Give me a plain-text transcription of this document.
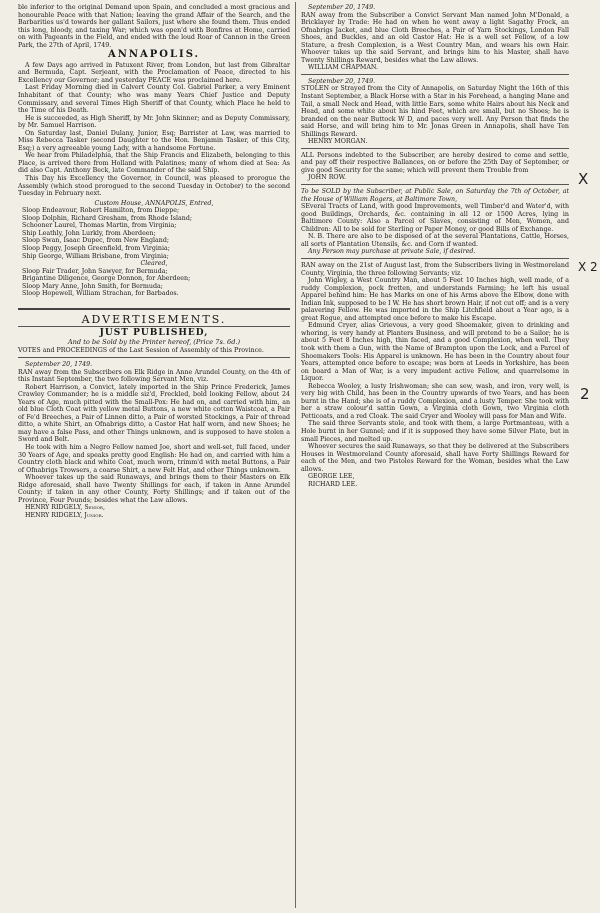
ble inferior to the original Demand upon Spain, and concluded a most gracious and honourable Peace with that Nation; leaving the grand Affair of the Search, and the Barbarities us'd towards her gallant Sailors, just where she found them. Thus ended this long, bloody, and taxing War; which was open'd with Bonfires at Home, carried on with Pageants in the Field, and ended with the loud Roar of Cannon in the Green Park, the 27th of April, 1749.

ANNAPOLIS.

A few Days ago arrived in Patuxent River, from London, but last from Gibraltar and Bermuda, Capt. Serjeant, with the Proclamation of Peace, directed to his Excellency our Governor; and yesterday PEACE was proclaimed here.

Last Friday Morning died in Calvert County Col. Gabriel Parker, a very Eminent Inhabitant of that County; who was many Years Chief Justice and Deputy Commissary, and several Times High Sheriff of that County, which Place he held to the Time of his Death.

He is succeeded, as High Sheriff, by Mr. John Skinner; and as Deputy Commissary, by Mr. Samuel Harrison.

On Saturday last, Daniel Dulany, Junior, Esq; Barrister at Law, was married to Miss Rebecca Tasker (second Daughter to the Hon. Benjamin Tasker, of this City, Esq;) a very agreeable young Lady, with a handsome Fortune.

We hear from Philadelphia, that the Ship Francis and Elizabeth, belonging to this Place, is arrived there from Holland with Palatines; many of whom died at Sea: As did also Capt. Anthony Beck, late Commander of the said Ship.

This Day his Excellency the Governor, in Council, was pleased to prorogue the Assembly (which stood prorogued to the second Tuesday in October) to the second Tuesday in February next.

Custom House, ANNAPOLIS, Entred,

Sloop Endeavour, Robert Hamilton, from Dieppe;
Sloop Dolphin, Richard Gresham, from Rhode Island;
Schooner Laurel, Thomas Martin, from Virginia;
Ship Leathly, John Lurkly, from Aberdeen;
Sloop Swan, Isaac Dupec, from New England;
Sloop Peggy, Joseph Greenfield, from Virginia;
Ship George, William Brisbane, from Virginia;

Cleared,

Sloop Fair Trader, John Sawyer, for Bermuda;
Brigantine Diligence, George Donnon, for Aberdeen;
Sloop Mary Anne, John Smith, for Bermuda;
Sloop Hopewell, William Strachan, for Barbados.
ADVERTISEMENTS.
JUST PUBLISHED,
And to be Sold by the Printer hereof, (Price 7s. 6d.)

VOTES and PROCEEDINGS of the Last Session of Assembly of this Province.

September 20, 1749.

RAN away from the Subscribers on Elk Ridge in Anne Arundel County, on the 4th of this Instant September, the two following Servant Men, viz.

Robert Harrison, a Convict, lately imported in the Ship Prince Frederick, James Crawley Commander; he is a middle siz'd, Freckled, bold looking Fellow, about 24 Years of Age, much pitted with the Small-Pox: He had on, and carried with him, an old blue Cloth Coat with yellow metal Buttons, a new white cotton Waistcoat, a Pair of Fe'd Breeches, a Pair of Linnen ditto, a Pair of worsted Stockings, a Pair of thread ditto, a white Shirt, an Ofnabrigs ditto, a Castor Hat half worn, and new Shoes; he may have a false Pass, and other Things unknown, and is supposed to have stolen a Sword and Belt.

He took with him a Negro Fellow named Joe, short and well-set, full faced, under 30 Years of Age, and speaks pretty good English: He had on, and carried with him a Country cloth black and white Coat, much worn, trimm'd with metal Buttons, a Pair of Ofnabrigs Trowsers, a coarse Shirt, a new Felt Hat, and other Things unknown.

Whoever takes up the said Runaways, and brings them to their Masters on Elk Ridge aforesaid, shall have Twenty Shillings for each, if taken in Anne Arundel County; if taken in any other County, Forty Shillings; and if taken out of the Province, Four Pounds; besides what the Law allows.

HENRY RIDGELY, Senior,

HENRY RIDGELY, Junior.

September 20, 1749.

RAN away from the Subscriber a Convict Servant Man named John M'Donald, a Bricklayer by Trade: He had on when he went away a light Sagathy Frock, an Ofnabrigs Jacket, and blue Cloth Breeches, a Pair of Yarn Stockings, London Fall Shoes, and Buckles, and an old Castor Hat: He is a well set Fellow, of a low Stature, a fresh Complexion, is a West Country Man, and wears his own Hair. Whoever takes up the said Servant, and brings him to his Master, shall have Twenty Shillings Reward, besides what the Law allows.

WILLIAM CHAPMAN.

September 20, 1749.

STOLEN or Strayed from the City of Annapolis, on Saturday Night the 16th of this Instant September, a Black Horse with a Star in his Forehead, a hanging Mane and Tail, a small Neck and Head, with little Ears, some white Hairs about his Neck and Head, and some white about his hind Feet, which are small, but no Shoes; he is branded on the near Buttock W D, and paces very well. Any Person that finds the said Horse, and will bring him to Mr. Jonas Green in Annapolis, shall have Ten Shillings Reward.

HENRY MORGAN.

ALL Persons indebted to the Subscriber, are hereby desired to come and settle, and pay off their respective Ballances, on or before the 25th Day of September, or give good Security for the same; which will prevent them Trouble from

JOHN ROW.

To be SOLD by the Subscriber, at Public Sale, on Saturday the 7th of October, at the House of William Rogers, at Baltimore Town,

SEveral Tracts of Land, with good Improvements, well Timber'd and Water'd, with good Buildings, Orchards, &c. containing in all 12 or 1500 Acres, lying in Baltimore County: Also a Parcel of Slaves, consisting of Men, Women, and Children: All to be sold for Sterling or Paper Money, or good Bills of Exchange.

N. B. There are also to be disposed of at the several Plantations, Cattle, Horses, all sorts of Plantation Utensils, &c. and Corn if wanted.

Any Person may purchase at private Sale, if desired.

RAN away on the 21st of August last, from the Subscribers living in Westmoreland County, Virginia, the three following Servants; viz.

John Wigley, a West Country Man, about 5 Feet 10 Inches high, well made, of a ruddy Complexion, pock fretten, and understands Farming; he left his usual Apparel behind him: He has Marks on one of his Arms above the Elbow, done with Indian Ink, supposed to be I W. He has short brown Hair, if not cut off; and is a very palavering Fellow. He was imported in the Ship Litchfield about a Year ago, is a great Rogue, and attempted once before to make his Escape.

Edmund Cryer, alias Grievous, a very good Shoemaker, given to drinking and whoring, is very handy at Planters Business, and will pretend to be a Sailor; he is about 5 Feet 8 Inches high, thin faced, and a good Complexion, when well. They took with them a Gun, with the Name of Brampton upon the Lock, and a Parcel of Shoemakers Tools: His Apparel is unknown. He has been in the Country about four Years, attempted once before to escape; was born at Leeds in Yorkshire, has been on board a Man of War, is a very impudent active Fellow, and quarrelsome in Liquor.

Rebecca Wooley, a lusty Irishwoman; she can sew, wash, and iron, very well, is very big with Child, has been in the Country upwards of two Years, and has been burnt in the Hand; she is of a ruddy Complexion, and a lusty Temper. She took with her a straw colour'd sattin Gown, a Virginia cloth Gown, two Virginia cloth Petticoats, and a red Cloak. The said Cryer and Wooley will pass for Man and Wife.

The said three Servants stole, and took with them, a large Portmanteau, with a Hole burnt in her Gunnel; and if it is supposed they have some Silver Plate, but in small Pieces, and melted up.

Whoever secures the said Runaways, so that they be delivered at the Subscribers Houses in Westmoreland County aforesaid, shall have Forty Shillings Reward for each of the Men, and two Pistoles Reward for the Woman, besides what the Law allows.

GEORGE LEE,

RICHARD LEE.

X
X 2
2
